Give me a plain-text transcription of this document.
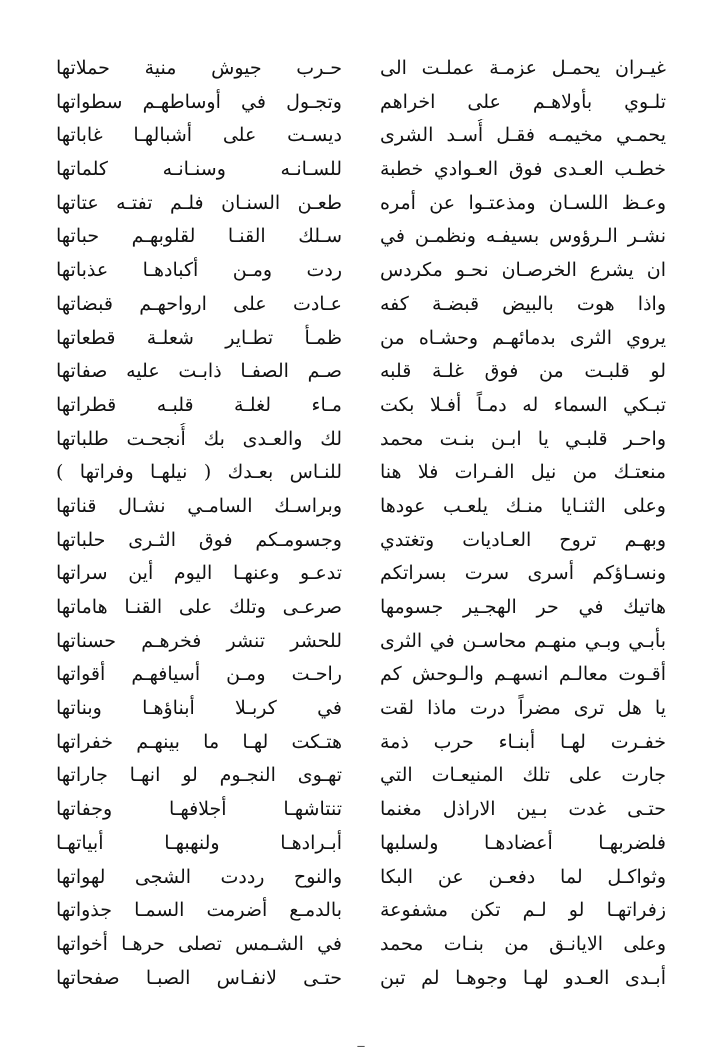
غيـران يحمـل عزمـة عملـت الى
حـرب جيوش منية حملاتها
تلـوي بأولاهـم على اخراهم
وتجـول في أوساطهـم سطواتها
يحمـي مخيمـه فقـل أُسـد الشرى
ديسـت على أشبالهـا غاباتها
خطـب العـدى فوق العـوادي خطبة
للسـانـه وسنـانـه كلماتها
وعـظ اللسـان ومذعتـوا عن أمره
طعـن السنـان فلـم تفتـه عتاتها
نشـر الـرؤوس بسيفـه ونظمـن في
سـلك القنـا لقلوبهـم حباتها
ان يشرع الخرصـان نحـو مكردس
ردت ومـن أكبادهـا عذباتها
واذا هوت بالبيض قبضـة كفه
عـادت على ارواحهـم قبضاتها
يروي الثرى بدمائهـم وحشـاه من
ظمـأ تطـاير شعلـة قطعاتها
لو قلبـت من فوق غلـة قلبه
صـم الصفـا ذابـت عليه صفاتها
تبـكي السماء له دمـاً أفـلا بكت
مـاء لغلـة قلبـه قطراتها
واحـر قلبـي يا ابـن بنـت محمد
لك والعـدى بك أُنجحـت طلباتها
منعتـك من نيل الفـرات فلا هنا
للنـاس بعـدك ( نيلهـا وفراتها )
وعلى الثنـايا منـك يلعـب عودها
وبراسـك السامـي نشـال قناتها
وبهـم تروح العـاديات وتغتدي
وجسومـكم فوق الثـرى حلباتها
ونسـاؤكم أسرى سرت بسراتكم
تدعـو وعنهـا اليوم أين سراتها
هاتيك في حر الهجـير جسومها
صرعـى وتلك على القنـا هاماتها
بأبـي وبـي منهـم محاسـن في الثرى
للحشر تنشر فخرهـم حسناتها
أقـوت معالـم انسهـم والـوحش كم
راحـت ومـن أسيافهـم أقواتها
يا هل ترى مضراً درت ماذا لقت
في كربـلا أبناؤهـا وبناتها
خفـرت لهـا أبنـاء حرب ذمة
هتـكت لهـا ما بينهـم خفراتها
جارت على تلك المنيعـات التي
تهـوى النجـوم لو انهـا جاراتها
حتـى غدت بـين الاراذل مغنما
تنتاشهـا أجلافهـا وجفاتها
فلضربهـا أعضادهـا ولسلبها
أبـرادهـا ولنهبهـا أبياتهـا
وثواكـل لما دفعـن عن البكا
والنوح رددت الشجى لهواتها
زفراتهـا لو لـم تكن مشفوعة
بالدمـع أضرمت السمـا جذواتها
وعلى الايانـق من بنـات محمد
في الشـمس تصلى حرهـا أخواتها
أبـدى العـدو لهـا وجوهـا لم تبن
حتـى لانفـاس الصبـا صفحاتها
ــ
